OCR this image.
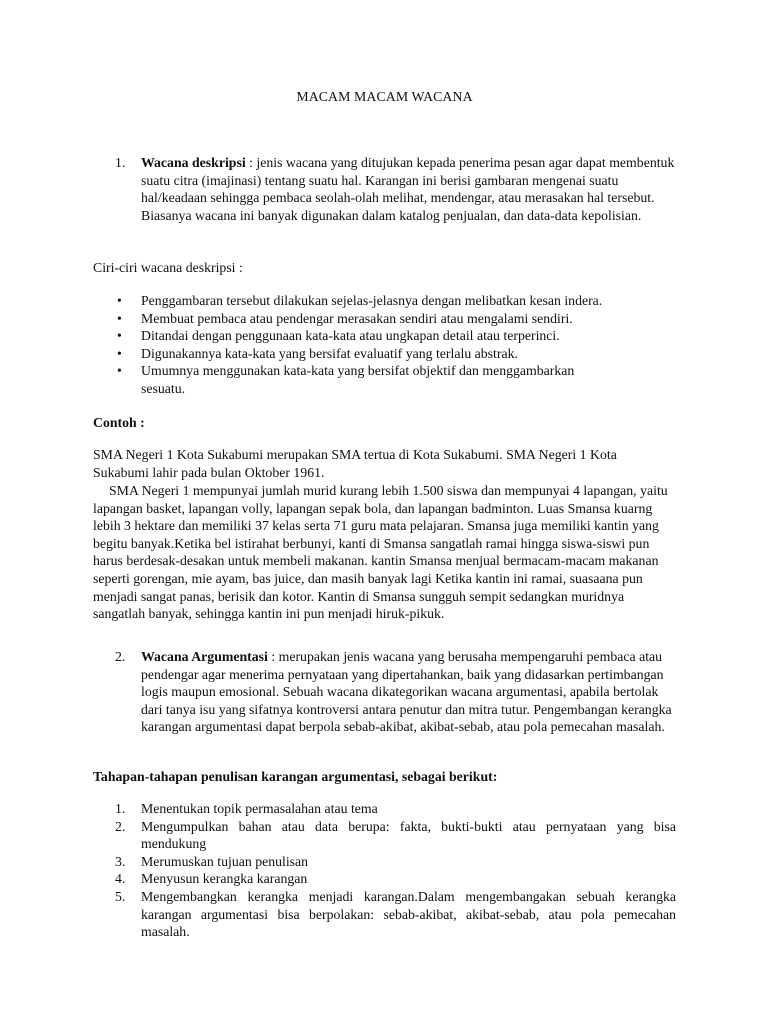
MACAM MACAM WACANA
1. Wacana deskripsi : jenis wacana yang ditujukan kepada penerima pesan agar dapat membentuk suatu citra (imajinasi) tentang suatu hal. Karangan ini berisi gambaran mengenai suatu hal/keadaan sehingga pembaca seolah-olah melihat, mendengar, atau merasakan hal tersebut. Biasanya wacana ini banyak digunakan dalam katalog penjualan, dan data-data kepolisian.
Ciri-ciri wacana deskripsi :
• Penggambaran tersebut dilakukan sejelas-jelasnya dengan melibatkan kesan indera.
• Membuat pembaca atau pendengar merasakan sendiri atau mengalami sendiri.
• Ditandai dengan penggunaan kata-kata atau ungkapan detail atau terperinci.
• Digunakannya kata-kata yang bersifat evaluatif yang terlalu abstrak.
• Umumnya menggunakan kata-kata yang bersifat objektif dan menggambarkan sesuatu.
Contoh :
SMA Negeri 1 Kota Sukabumi merupakan SMA tertua di Kota Sukabumi. SMA Negeri 1 Kota Sukabumi lahir pada bulan Oktober 1961.
SMA Negeri 1 mempunyai jumlah murid kurang lebih 1.500 siswa dan mempunyai 4 lapangan, yaitu lapangan basket, lapangan volly, lapangan sepak bola, dan lapangan badminton. Luas Smansa kuarng lebih 3 hektare dan memiliki 37 kelas serta 71 guru mata pelajaran. Smansa juga memiliki kantin yang begitu banyak.Ketika bel istirahat berbunyi, kanti di Smansa sangatlah ramai hingga siswa-siswi pun harus berdesak-desakan untuk membeli makanan. kantin Smansa menjual bermacam-macam makanan seperti gorengan, mie ayam, bas juice, dan masih banyak lagi Ketika kantin ini ramai, suasaana pun menjadi sangat panas, berisik dan kotor. Kantin di Smansa sungguh sempit sedangkan muridnya sangatlah banyak, sehingga kantin ini pun menjadi hiruk-pikuk.
2. Wacana Argumentasi : merupakan jenis wacana yang berusaha mempengaruhi pembaca atau pendengar agar menerima pernyataan yang dipertahankan, baik yang didasarkan pertimbangan logis maupun emosional. Sebuah wacana dikategorikan wacana argumentasi, apabila bertolak dari tanya isu yang sifatnya kontroversi antara penutur dan mitra tutur. Pengembangan kerangka karangan argumentasi dapat berpola sebab-akibat, akibat-sebab, atau pola pemecahan masalah.
Tahapan-tahapan penulisan karangan argumentasi, sebagai berikut:
1. Menentukan topik permasalahan atau tema
2. Mengumpulkan bahan atau data berupa: fakta, bukti-bukti atau pernyataan yang bisa mendukung
3. Merumuskan tujuan penulisan
4. Menyusun kerangka karangan
5. Mengembangkan kerangka menjadi karangan.Dalam mengembangakan sebuah kerangka karangan argumentasi bisa berpolakan: sebab-akibat, akibat-sebab, atau pola pemecahan masalah.
